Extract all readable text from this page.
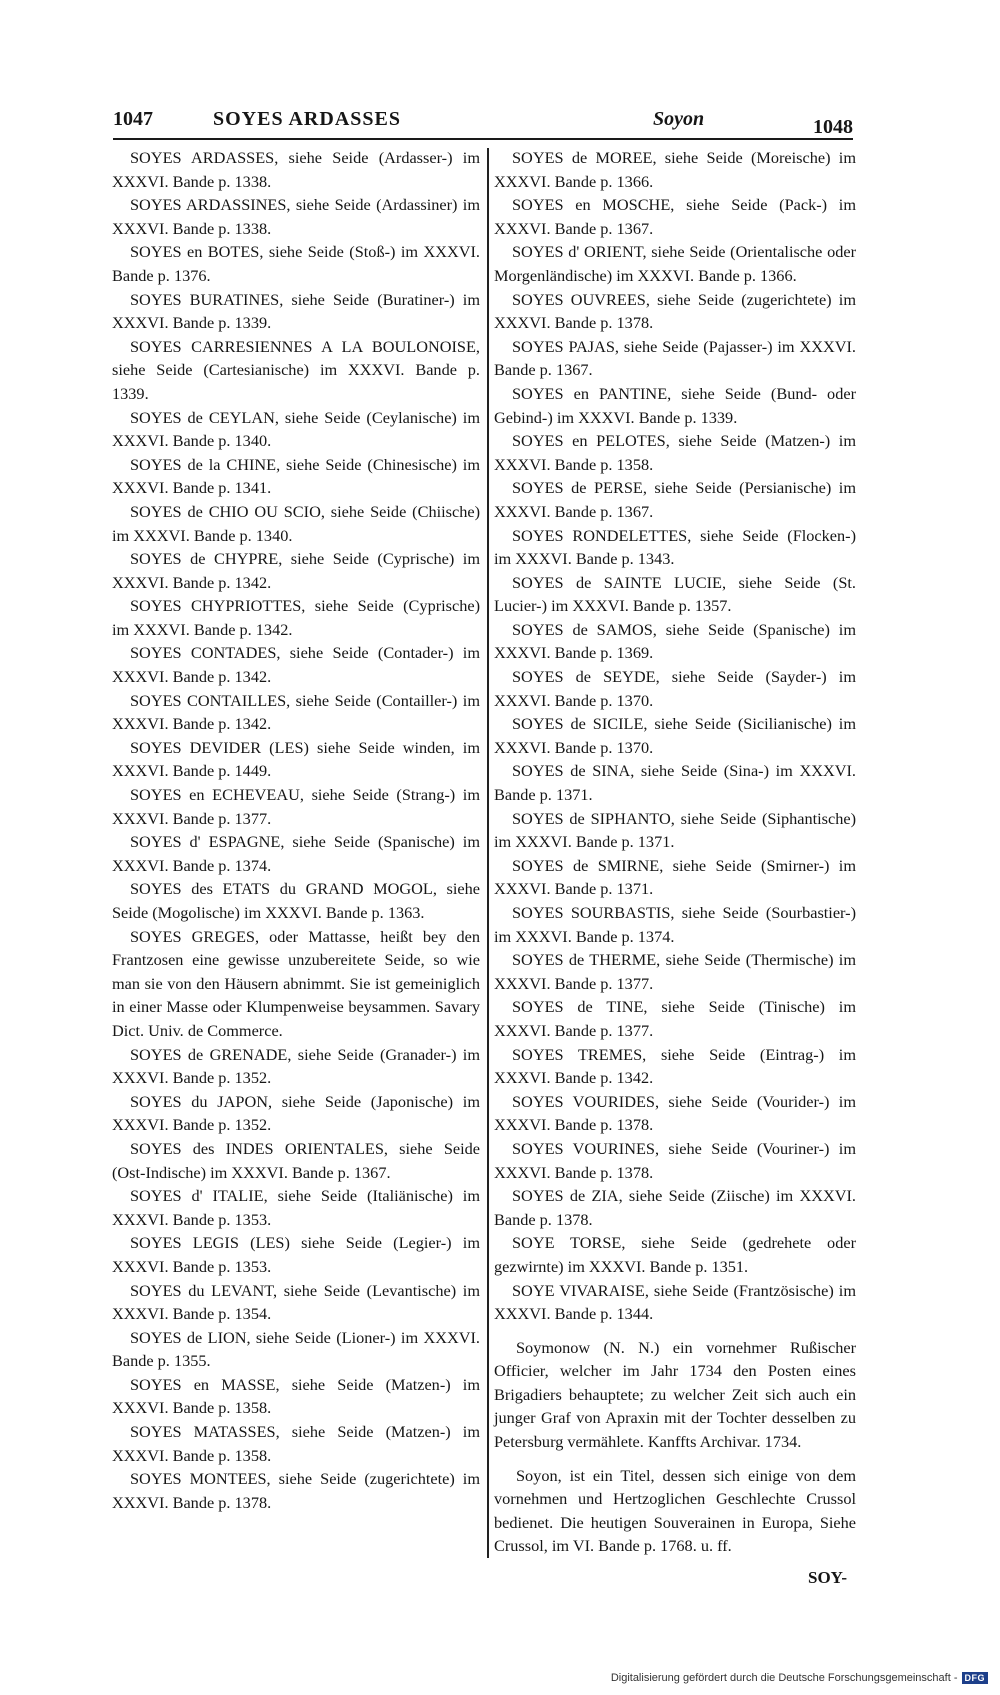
1047	SOYES ARDASSES	Soyon	1048

SOYES ARDASSES, siehe Seide (Ardasser-) im XXXVI. Bande p. 1338.

SOYES ARDASSINES, siehe Seide (Ardassiner) im XXXVI. Bande p. 1338.

SOYES en BOTES, siehe Seide (Stoß-) im XXXVI. Bande p. 1376.

SOYES BURATINES, siehe Seide (Buratiner-) im XXXVI. Bande p. 1339.

SOYES CARRESIENNES A LA BOULONOISE, siehe Seide (Cartesianische) im XXXVI. Bande p. 1339.

SOYES de CEYLAN, siehe Seide (Ceylanische) im XXXVI. Bande p. 1340.

SOYES de la CHINE, siehe Seide (Chinesische) im XXXVI. Bande p. 1341.

SOYES de CHIO OU SCIO, siehe Seide (Chiische) im XXXVI. Bande p. 1340.

SOYES de CHYPRE, siehe Seide (Cyprische) im XXXVI. Bande p. 1342.

SOYES CHYPRIOTTES, siehe Seide (Cyprische) im XXXVI. Bande p. 1342.

SOYES CONTADES, siehe Seide (Contader-) im XXXVI. Bande p. 1342.

SOYES CONTAILLES, siehe Seide (Contailler-) im XXXVI. Bande p. 1342.

SOYES DEVIDER (LES) siehe Seide winden, im XXXVI. Bande p. 1449.

SOYES en ECHEVEAU, siehe Seide (Strang-) im XXXVI. Bande p. 1377.

SOYES d' ESPAGNE, siehe Seide (Spanische) im XXXVI. Bande p. 1374.

SOYES des ETATS du GRAND MOGOL, siehe Seide (Mogolische) im XXXVI. Bande p. 1363.

SOYES GREGES, oder Mattasse, heißt bey den Frantzosen eine gewisse unzubereitete Seide, so wie man sie von den Häusern abnimmt. Sie ist gemeiniglich in einer Masse oder Klumpenweise beysammen. Savary Dict. Univ. de Commerce.

SOYES de GRENADE, siehe Seide (Granader-) im XXXVI. Bande p. 1352.

SOYES du JAPON, siehe Seide (Japonische) im XXXVI. Bande p. 1352.

SOYES des INDES ORIENTALES, siehe Seide (Ost-Indische) im XXXVI. Bande p. 1367.

SOYES d' ITALIE, siehe Seide (Italiänische) im XXXVI. Bande p. 1353.

SOYES LEGIS (LES) siehe Seide (Legier-) im XXXVI. Bande p. 1353.

SOYES du LEVANT, siehe Seide (Levantische) im XXXVI. Bande p. 1354.

SOYES de LION, siehe Seide (Lioner-) im XXXVI. Bande p. 1355.

SOYES en MASSE, siehe Seide (Matzen-) im XXXVI. Bande p. 1358.

SOYES MATASSES, siehe Seide (Matzen-) im XXXVI. Bande p. 1358.

SOYES MONTEES, siehe Seide (zugerichtete) im XXXVI. Bande p. 1378.

SOYES de MOREE, siehe Seide (Moreische) im XXXVI. Bande p. 1366.

SOYES en MOSCHE, siehe Seide (Pack-) im XXXVI. Bande p. 1367.

SOYES d' ORIENT, siehe Seide (Orientalische oder Morgenländische) im XXXVI. Bande p. 1366.

SOYES OUVREES, siehe Seide (zugerichtete) im XXXVI. Bande p. 1378.

SOYES PAJAS, siehe Seide (Pajasser-) im XXXVI. Bande p. 1367.

SOYES en PANTINE, siehe Seide (Bund- oder Gebind-) im XXXVI. Bande p. 1339.

SOYES en PELOTES, siehe Seide (Matzen-) im XXXVI. Bande p. 1358.

SOYES de PERSE, siehe Seide (Persianische) im XXXVI. Bande p. 1367.

SOYES RONDELETTES, siehe Seide (Flocken-) im XXXVI. Bande p. 1343.

SOYES de SAINTE LUCIE, siehe Seide (St. Lucier-) im XXXVI. Bande p. 1357.

SOYES de SAMOS, siehe Seide (Spanische) im XXXVI. Bande p. 1369.

SOYES de SEYDE, siehe Seide (Sayder-) im XXXVI. Bande p. 1370.

SOYES de SICILE, siehe Seide (Sicilianische) im XXXVI. Bande p. 1370.

SOYES de SINA, siehe Seide (Sina-) im XXXVI. Bande p. 1371.

SOYES de SIPHANTO, siehe Seide (Siphantische) im XXXVI. Bande p. 1371.

SOYES de SMIRNE, siehe Seide (Smirner-) im XXXVI. Bande p. 1371.

SOYES SOURBASTIS, siehe Seide (Sourbastier-) im XXXVI. Bande p. 1374.

SOYES de THERME, siehe Seide (Thermische) im XXXVI. Bande p. 1377.

SOYES de TINE, siehe Seide (Tinische) im XXXVI. Bande p. 1377.

SOYES TREMES, siehe Seide (Eintrag-) im XXXVI. Bande p. 1342.

SOYES VOURIDES, siehe Seide (Vourider-) im XXXVI. Bande p. 1378.

SOYES VOURINES, siehe Seide (Vouriner-) im XXXVI. Bande p. 1378.

SOYES de ZIA, siehe Seide (Ziische) im XXXVI. Bande p. 1378.

SOYE TORSE, siehe Seide (gedrehete oder gezwirnte) im XXXVI. Bande p. 1351.

SOYE VIVARAISE, siehe Seide (Frantzösische) im XXXVI. Bande p. 1344.

Soymonow (N. N.) ein vornehmer Rußischer Officier, welcher im Jahr 1734 den Posten eines Brigadiers behauptete; zu welcher Zeit sich auch ein junger Graf von Apraxin mit der Tochter desselben zu Petersburg vermählete. Kanffts Archivar. 1734.

Soyon, ist ein Titel, dessen sich einige von dem vornehmen und Hertzoglichen Geschlechte Crussol bedienet. Die heutigen Souverainen in Europa, Siehe Crussol, im VI. Bande p. 1768. u. ff.

SOY-
Digitalisierung gefördert durch die Deutsche Forschungsgemeinschaft - DFG
